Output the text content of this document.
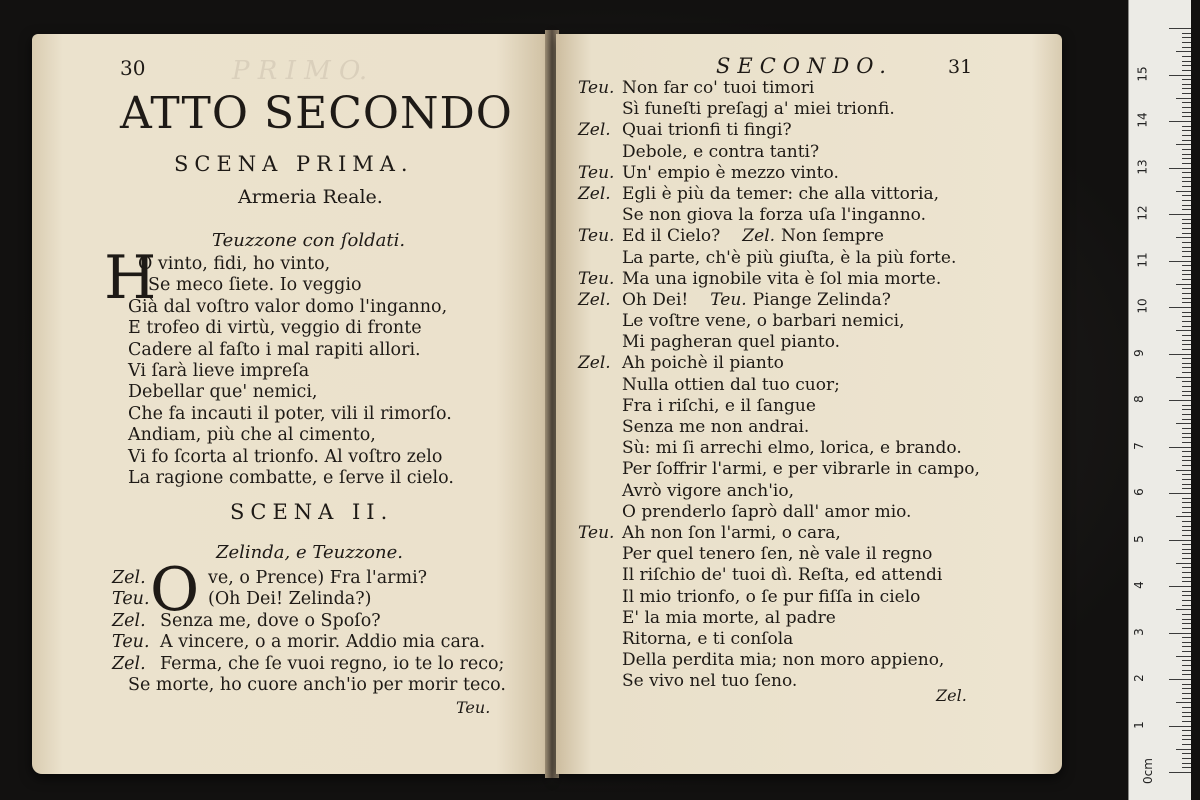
P R I M O.
30
ATTO SECONDO
SCENA PRIMA.
Armeria Reale.
Teuzzone con ſoldati.
H
O vinto, fidi, ho vinto,
Se meco ſiete. Io veggio
Già dal voſtro valor domo l'inganno,
E trofeo di virtù, veggio di fronte
Cadere al faſto i mal rapiti allori.
Vi ſarà lieve impreſa
Debellar que' nemici,
Che fa incauti il poter, vili il rimorſo.
Andiam, più che al cimento,
Vi fo ſcorta al trionfo. Al voſtro zelo
La ragione combatte, e ſerve il cielo.
SCENA II.
Zelinda, e Teuzzone.
O
Zel.	ve, o Prence) Fra l'armi?
Teu.	(Oh Dei! Zelinda?)
Zel. Senza me, dove o Spoſo?
Teu. A vincere, o a morir. Addio mia cara.
Zel. Ferma, che ſe vuoi regno, io te lo reco;
Se morte, ho cuore anch'io per morir teco.
Teu.
SECONDO.	31
Teu. Non far co' tuoi timori
Sì funeſti preſagj a' miei trionfi.
Zel. Quai trionfi ti fingi?
Debole, e contra tanti?
Teu. Un' empio è mezzo vinto.
Zel. Egli è più da temer: che alla vittoria,
Se non giova la forza uſa l'inganno.
Teu. Ed il Cielo? Zel. Non ſempre
La parte, ch'è più giuſta, è la più forte.
Teu. Ma una ignobile vita è ſol mia morte.
Zel. Oh Dei! Teu. Piange Zelinda?
Le voſtre vene, o barbari nemici,
Mi pagheran quel pianto.
Zel. Ah poichè il pianto
Nulla ottien dal tuo cuor;
Fra i riſchi, e il ſangue
Senza me non andrai.
Sù: mi ſi arrechi elmo, lorica, e brando.
Per ſoffrir l'armi, e per vibrarle in campo,
Avrò vigore anch'io,
O prenderlo ſaprò dall' amor mio.
Teu. Ah non ſon l'armi, o cara,
Per quel tenero ſen, nè vale il regno
Il riſchio de' tuoi dì. Reſta, ed attendi
Il mio trionfo, o ſe pur fiſſa in cielo
E' la mia morte, al padre
Ritorna, e ti conſola
Della perdita mia; non moro appieno,
Se vivo nel tuo ſeno.
Zel.
15
14
13
12
11
10
9
8
7
6
5
4
3
2
1
0cm
